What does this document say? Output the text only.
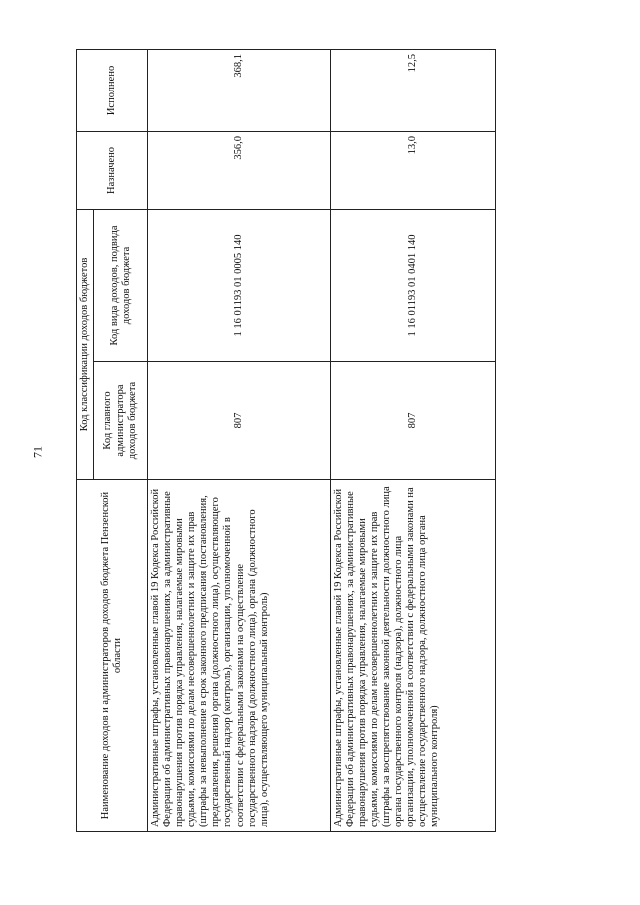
71
Наименование доходов и администраторов доходов бюджета Пензенской области	Код классификации доходов бюджетов		Назначено	Исполнено
	Код главного администратора доходов бюджета	Код вида доходов, подвида доходов бюджета		
Административные штрафы, установленные главой 19 Кодекса Российской Федерации об административных правонарушениях, за административные правонарушения против порядка управления, налагаемые мировыми судьями, комиссиями по делам несовершеннолетних и защите их прав (штрафы за невыполнение в срок законного предписания (постановления, представления, решения) органа (должностного лица), осуществляющего государственный надзор (контроль), организации, уполномоченной в соответствии с федеральными законами на осуществление государственного надзора (должностного лица), органа (должностного лица), осуществляющего муниципальный контроль)	807	1 16 01193 01 0005 140	356,0	368,1
Административные штрафы, установленные главой 19 Кодекса Российской Федерации об административных правонарушениях, за административные правонарушения против порядка управления, налагаемые мировыми судьями, комиссиями по делам несовершеннолетних и защите их прав (штрафы за воспрепятствование законной деятельности должностного лица органа государственного контроля (надзора), должностного лица организации, уполномоченной в соответствии с федеральными законами на осуществление государственного надзора, должностного лица органа муниципального контроля)	807	1 16 01193 01 0401 140	13,0	12,5
